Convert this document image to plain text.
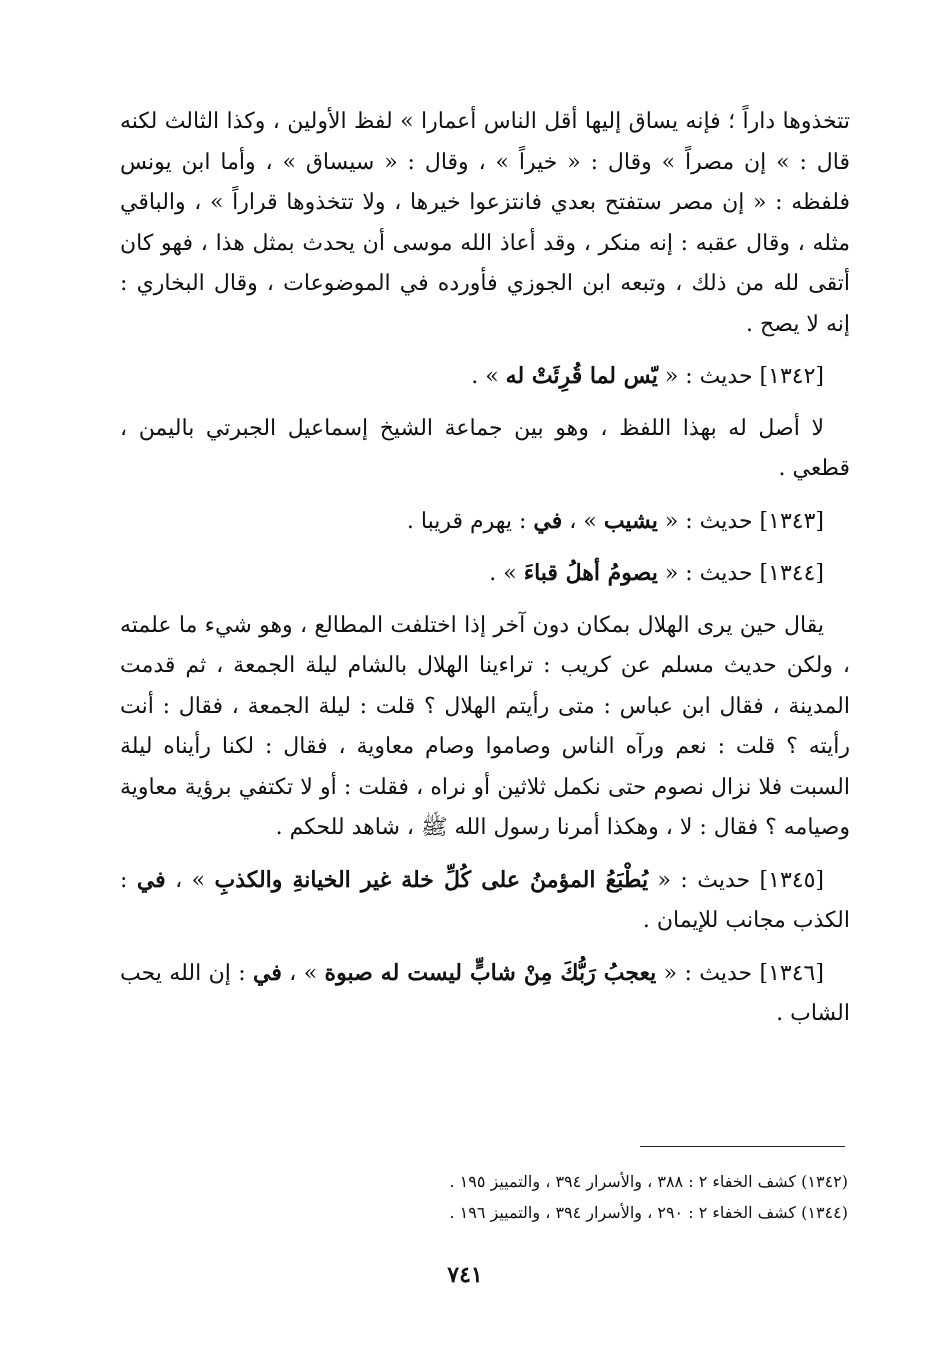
تتخذوها داراً ؛ فإنه يساق إليها أقل الناس أعمارا » لفظ الأولين ، وكذا الثالث لكنه قال : » إن مصراً » وقال : « خيراً » ، وقال : « سيساق » ، وأما ابن يونس فلفظه : « إن مصر ستفتح بعدي فانتزعوا خيرها ، ولا تتخذوها قراراً » ، والباقي مثله ، وقال عقبه : إنه منكر ، وقد أعاذ الله موسى أن يحدث بمثل هذا ، فهو كان أتقى لله من ذلك ، وتبعه ابن الجوزي فأورده في الموضوعات ، وقال البخاري : إنه لا يصح .

[١٣٤٢] حديث : « يّس لما قُرِئَتْ له » .

لا أصل له بهذا اللفظ ، وهو بين جماعة الشيخ إسماعيل الجبرتي باليمن ، قطعي .

[١٣٤٣] حديث : « يشيب » ، في : يهرم قريبا .

[١٣٤٤] حديث : « يصومُ أهلُ قباءَ » .

يقال حين يرى الهلال بمكان دون آخر إذا اختلفت المطالع ، وهو شيء ما علمته ، ولكن حديث مسلم عن كريب : تراءينا الهلال بالشام ليلة الجمعة ، ثم قدمت المدينة ، فقال ابن عباس : متى رأيتم الهلال ؟ قلت : ليلة الجمعة ، فقال : أنت رأيته ؟ قلت : نعم ورآه الناس وصاموا وصام معاوية ، فقال : لكنا رأيناه ليلة السبت فلا نزال نصوم حتى نكمل ثلاثين أو نراه ، فقلت : أو لا تكتفي برؤية معاوية وصيامه ؟ فقال : لا ، وهكذا أمرنا رسول الله ﷺ ، شاهد للحكم .

[١٣٤٥] حديث : « يُطْبَعُ المؤمنُ على كُلِّ خلة غير الخيانةِ والكذبِ » ، في : الكذب مجانب للإيمان .

[١٣٤٦] حديث : « يعجبُ رَبُّكَ مِنْ شابٍّ ليست له صبوة » ، في : إن الله يحب الشاب .

(١٣٤٢) كشف الخفاء ٢ : ٣٨٨ ، والأسرار ٣٩٤ ، والتمييز ١٩٥ .
(١٣٤٤) كشف الخفاء ٢ : ٢٩٠ ، والأسرار ٣٩٤ ، والتمييز ١٩٦ .
٧٤١
